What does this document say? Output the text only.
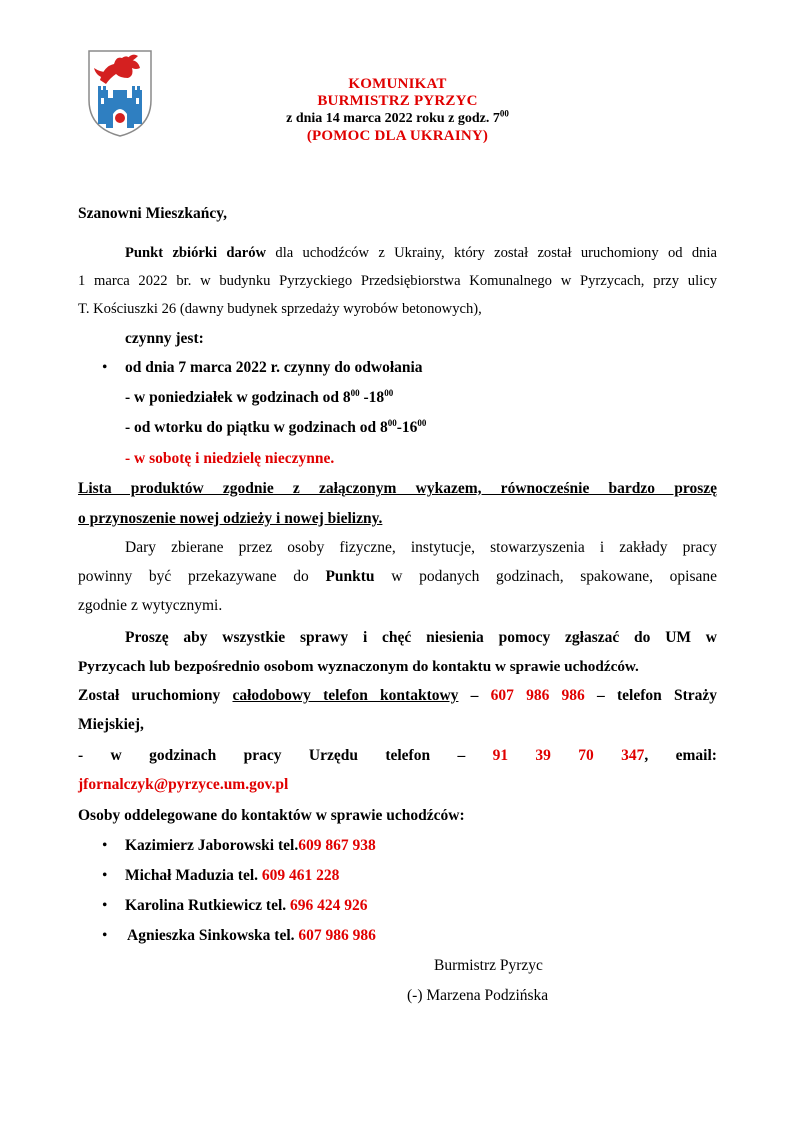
KOMUNIKAT
BURMISTRZ PYRZYC
z dnia 14 marca 2022 roku z godz. $7^{00}$
(POMOC DLA UKRAINY)
Szanowni Mieszkańcy,
Punkt zbiórki darów dla uchodźców z Ukrainy, który został został uruchomiony od dnia
1 marca 2022 br. w budynku Pyrzyckiego Przedsiębiorstwa Komunalnego w Pyrzycach, przy ulicy
T. Kościuszki 26 (dawny budynek sprzedaży wyrobów betonowych),
czynny jest:
• od dnia 7 marca 2022 r. czynny do odwołania
- w poniedziałek w godzinach od $8^{00}$ $-18^{00}$
- od wtorku do piątku w godzinach od $8^{00}-16^{00}$
- w sobotę i niedzielę nieczynne.
Lista produktów zgodnie z załączonym wykazem, równocześnie bardzo proszę
o przynoszenie nowej odzieży i nowej bielizny.
Dary zbierane przez osoby fizyczne, instytucje, stowarzyszenia i zakłady pracy
powinny być przekazywane do Punktu w podanych godzinach, spakowane, opisane
zgodnie z wytycznymi.
Proszę aby wszystkie sprawy i chęć niesienia pomocy zgłaszać do UM w
Pyrzycach lub bezpośrednio osobom wyznaczonym do kontaktu w sprawie uchodźców.
Został uruchomiony całodobowy telefon kontaktowy – 607 986 986 – telefon Straży
Miejskiej,
- w godzinach pracy Urzędu telefon – 91 39 70 347, email:
jfornalczyk@pyrzyce.um.gov.pl
Osoby oddelegowane do kontaktów w sprawie uchodźców:
• Kazimierz Jaborowski tel.609 867 938
• Michał Maduzia tel. 609 461 228
• Karolina Rutkiewicz tel. 696 424 926
• Agnieszka Sinkowska tel. 607 986 986
Burmistrz Pyrzyc
(-) Marzena Podzińska
